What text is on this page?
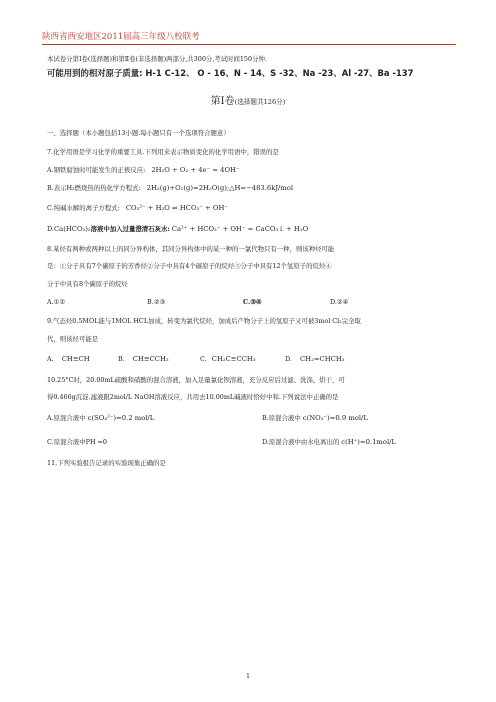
陕西省西安地区2011届高三年级八校联考
本试卷分第Ⅰ卷(选择题)和第Ⅱ卷(非选择题)两部分,共300分,考试时间150分钟.
可能用到的相对原子质量: H-1 C-12、 O - 16、N - 14、S -32、Na -23、Al -27、Ba -137
第Ⅰ卷(选择题共126分)
一、选择题（本小题包括13小题.每小题只有一个选项符合题意）
7.化学用语是学习化学的重要工具.下列用来表示物质变化的化学用语中，错误的是
A.钢铁腐蚀时可能发生的正极反应: 2H₂O + O₂ + 4e⁻ = 4OH⁻
B.表示H₂燃烧热的热化学方程式: 2H₂(g)+O₂(g)=2H₂O(g);△H=−483.6kJ/mol
C.纯碱水解的离子方程式: CO₃²⁻ + H₂O ⇌ HCO₃⁻ + OH⁻
D.Ca(HCO₃)₂溶液中加入过量澄清石灰水: Ca²⁺ + HCO₃⁻ + OH⁻ = CaCO₃↓ + H₂O
8.某烃有两种或两种以上的同分异构体，其同分异构体中的某一种的一氯代物只有一种，则该种烃可能
是：①分子具有7个碳原子的芳香烃②分子中具有4个碳原子的烷烃③分子中具有12个氢原子的烷烃④
分子中具有8个碳原子的烷烃
A.①②	B.②③	C.③④	D.②④
9.气态烃0.5MOL能与1MOL HCL加成，转变为氯代烷烃，加成后产物分子上的氢原子又可被3mol Cl₂完全取
代，则该烃可能是
A. CH≡CH	B. CH≡CCH₃	C. CH₂C≡CCH₃	D. CH₂=CHCH₃
10.25°C时，20.00mL硫酸和硝酸的混合溶液，加入足量氯化钡溶液，充分反应后过滤、洗涤、烘干，可
得0.466g沉淀.滤液跟2mol/L NaOH溶液反应，共用去10.00mL碱液时恰好中和.下列说法中正确的是
A.原混合液中 c(SO₄²⁻)=0.2 mol/L	B.原混合液中 c(NO₃⁻)=0.9 mol/L
C.原混合液中PH =0	D.原混合液中由水电离出的 c(H⁺)=0.1mol/L
11.下列实验报告记录的实验现象正确的是
1
